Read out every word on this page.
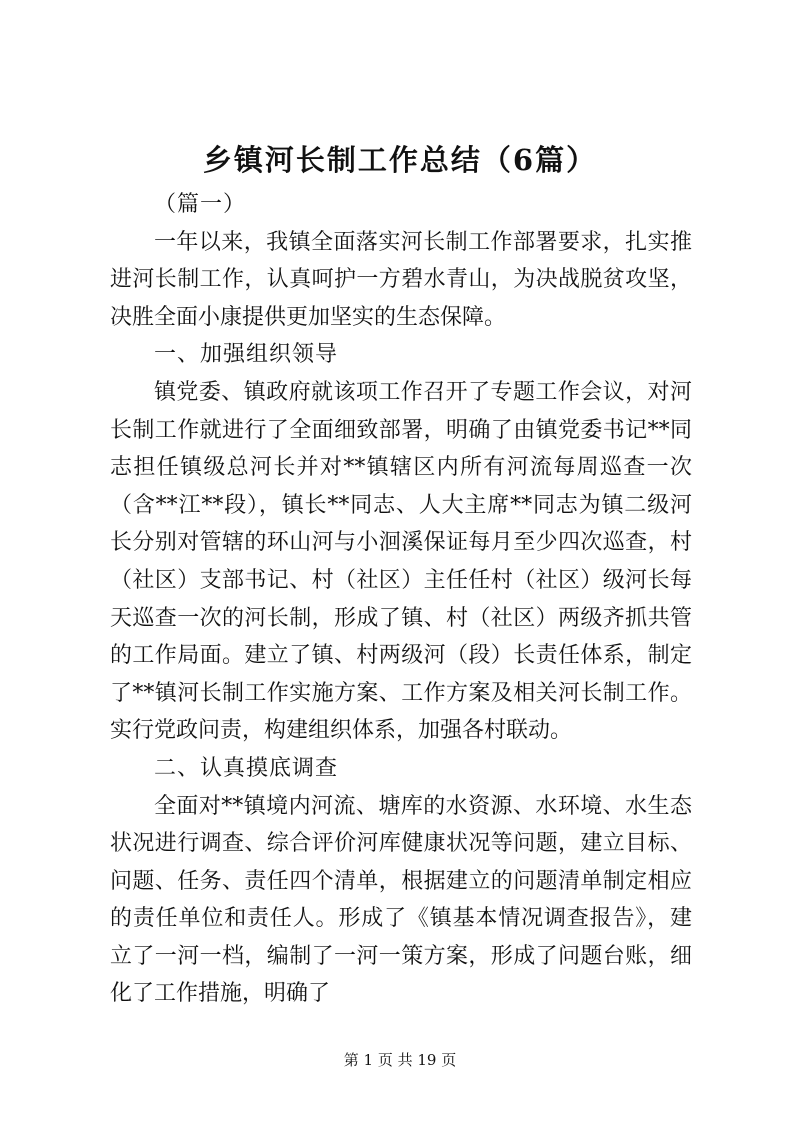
乡镇河长制工作总结（6篇）

（篇一）

一年以来，我镇全面落实河长制工作部署要求，扎实推进河长制工作，认真呵护一方碧水青山，为决战脱贫攻坚，决胜全面小康提供更加坚实的生态保障。

一、加强组织领导

镇党委、镇政府就该项工作召开了专题工作会议，对河长制工作就进行了全面细致部署，明确了由镇党委书记**同志担任镇级总河长并对**镇辖区内所有河流每周巡查一次（含**江**段），镇长**同志、人大主席**同志为镇二级河长分别对管辖的环山河与小洄溪保证每月至少四次巡查，村（社区）支部书记、村（社区）主任任村（社区）级河长每天巡查一次的河长制，形成了镇、村（社区）两级齐抓共管的工作局面。建立了镇、村两级河（段）长责任体系，制定了**镇河长制工作实施方案、工作方案及相关河长制工作。实行党政问责，构建组织体系，加强各村联动。

二、认真摸底调查

全面对**镇境内河流、塘库的水资源、水环境、水生态状况进行调查、综合评价河库健康状况等问题，建立目标、问题、任务、责任四个清单，根据建立的问题清单制定相应的责任单位和责任人。形成了《镇基本情况调查报告》，建立了一河一档，编制了一河一策方案，形成了问题台账，细化了工作措施，明确了

第 1 页 共 19 页
